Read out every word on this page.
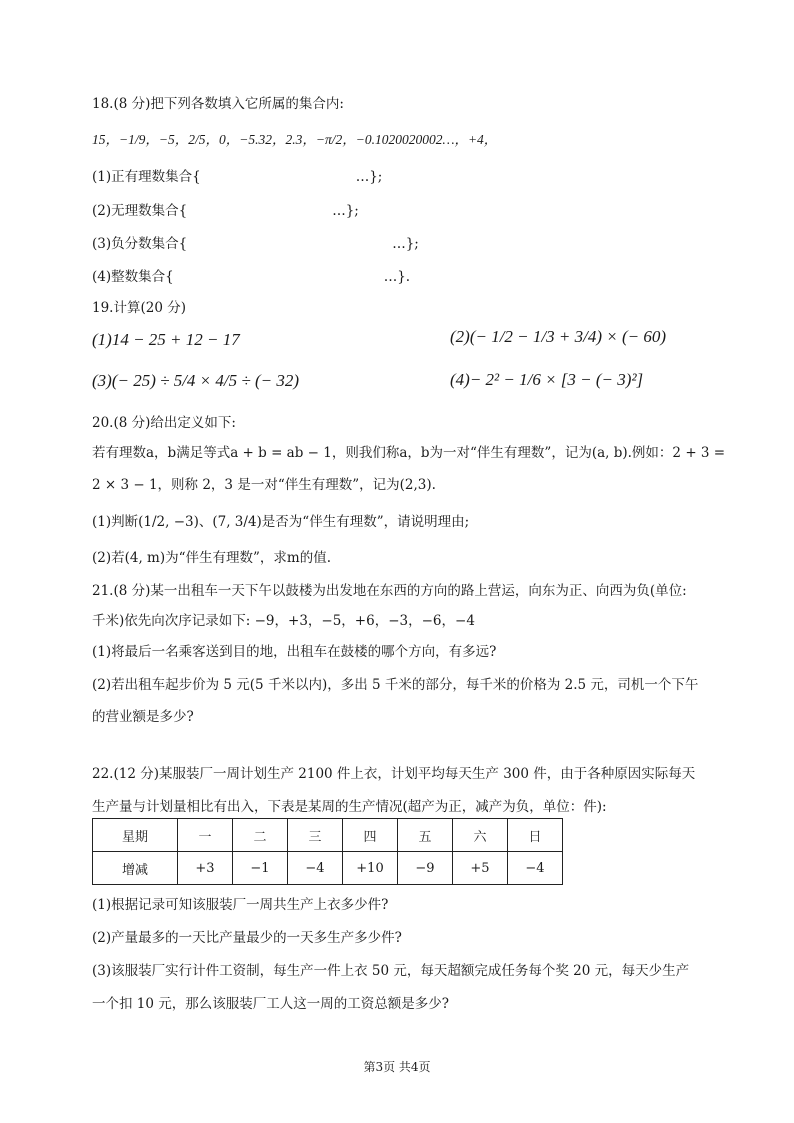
18.(8 分)把下列各数填入它所属的集合内:
15，−1/9，−5，2/5，0，−5.32，2.3，−π/2，−0.1020020002…，+4，
(1)正有理数集合{	…};
(2)无理数集合{	…};
(3)负分数集合{	…};
(4)整数集合{	…}.
19.计算(20 分)
(1)14 − 25 + 12 − 17	(2)(− 1/2 − 1/3 + 3/4) × (− 60)
(3)(− 25) ÷ 5/4 × 4/5 ÷ (− 32)	(4)− 2² − 1/6 × [3 − (− 3)²]
20.(8 分)给出定义如下:
若有理数a，b满足等式a + b = ab − 1，则我们称a，b为一对“伴生有理数”，记为(a, b).例如：2 + 3 =
2 × 3 − 1，则称 2，3 是一对“伴生有理数”，记为(2,3).
(1)判断(1/2, −3)、(7, 3/4)是否为“伴生有理数”，请说明理由;
(2)若(4, m)为“伴生有理数”，求m的值.
21.(8 分)某一出租车一天下午以鼓楼为出发地在东西的方向的路上营运，向东为正、向西为负(单位:
千米)依先向次序记录如下: −9，+3，−5，+6，−3，−6，−4
(1)将最后一名乘客送到目的地，出租车在鼓楼的哪个方向，有多远?
(2)若出租车起步价为 5 元(5 千米以内)，多出 5 千米的部分，每千米的价格为 2.5 元，司机一个下午
的营业额是多少?
22.(12 分)某服装厂一周计划生产 2100 件上衣，计划平均每天生产 300 件，由于各种原因实际每天
生产量与计划量相比有出入，下表是某周的生产情况(超产为正，减产为负，单位：件):
星期	一	二	三	四	五	六	日
增减	+3	−1	−4	+10	−9	+5	−4
(1)根据记录可知该服装厂一周共生产上衣多少件?
(2)产量最多的一天比产量最少的一天多生产多少件?
(3)该服装厂实行计件工资制，每生产一件上衣 50 元，每天超额完成任务每个奖 20 元，每天少生产
一个扣 10 元，那么该服装厂工人这一周的工资总额是多少?
第3页 共4页
